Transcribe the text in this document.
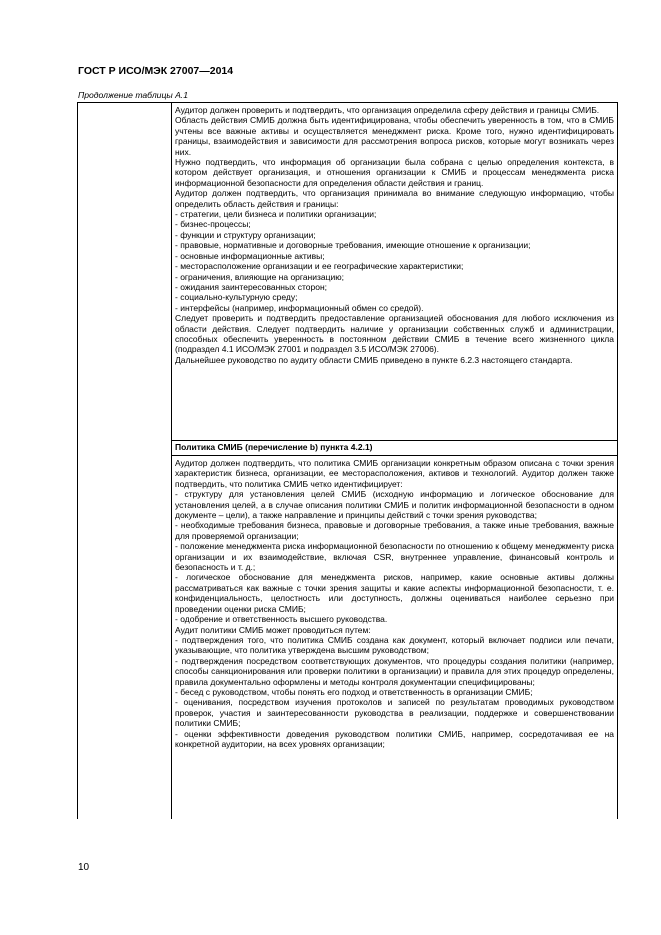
ГОСТ Р ИСО/МЭК 27007—2014
Продолжение таблицы А.1

Аудитор должен проверить и подтвердить, что организация определила сферу действия и границы СМИБ.

Область действия СМИБ должна быть идентифицирована, чтобы обеспечить уверенность в том, что в СМИБ учтены все важные активы и осуществляется менеджмент риска. Кроме того, нужно идентифицировать границы, взаимодействия и зависимости для рассмотрения вопроса рисков, которые могут возникать через них.

Нужно подтвердить, что информация об организации была собрана с целью определения контекста, в котором действует организация, и отношения организации к СМИБ и процессам менеджмента риска информационной безопасности для определения области действия и границ.

Аудитор должен подтвердить, что организация принимала во внимание следующую информацию, чтобы определить область действия и границы:

- стратегии, цели бизнеса и политики организации;

- бизнес-процессы;

- функции и структуру организации;

- правовые, нормативные и договорные требования, имеющие отношение к организации;

- основные информационные активы;

- месторасположение организации и ее географические характеристики;

- ограничения, влияющие на организацию;

- ожидания заинтересованных сторон;

- социально-культурную среду;

- интерфейсы (например, информационный обмен со средой).

Следует проверить и подтвердить предоставление организацией обоснования для любого исключения из области действия. Следует подтвердить наличие у организации собственных служб и администрации, способных обеспечить уверенность в постоянном действии СМИБ в течение всего жизненного цикла (подраздел 4.1 ИСО/МЭК 27001 и подраздел 3.5 ИСО/МЭК 27006).

Дальнейшее руководство по аудиту области СМИБ приведено в пункте 6.2.3 настоящего стандарта.

Политика СМИБ (перечисление b) пункта 4.2.1)

Аудитор должен подтвердить, что политика СМИБ организации конкретным образом описана с точки зрения характеристик бизнеса, организации, ее месторасположения, активов и технологий. Аудитор должен также подтвердить, что политика СМИБ четко идентифицирует:

- структуру для установления целей СМИБ (исходную информацию и логическое обоснование для установления целей, а в случае описания политики СМИБ и политик информационной безопасности в одном документе – цели), а также направление и принципы действий с точки зрения руководства;

- необходимые требования бизнеса, правовые и договорные требования, а также иные требования, важные для проверяемой организации;

- положение менеджмента риска информационной безопасности по отношению к общему менеджменту риска организации и их взаимодействие, включая CSR, внутреннее управление, финансовый контроль и безопасность и т. д.;

- логическое обоснование для менеджмента рисков, например, какие основные активы должны рассматриваться как важные с точки зрения защиты и какие аспекты информационной безопасности, т. е. конфиденциальность, целостность или доступность, должны оцениваться наиболее серьезно при проведении оценки риска СМИБ;

- одобрение и ответственность высшего руководства.

Аудит политики СМИБ может проводиться путем:

- подтверждения того, что политика СМИБ создана как документ, который включает подписи или печати, указывающие, что политика утверждена высшим руководством;

- подтверждения посредством соответствующих документов, что процедуры создания политики (например, способы санкционирования или проверки политики в организации) и правила для этих процедур определены, правила документально оформлены и методы контроля документации специфицированы;

- бесед с руководством, чтобы понять его подход и ответственность в организации СМИБ;

- оценивания, посредством изучения протоколов и записей по результатам проводимых руководством проверок, участия и заинтересованности руководства в реализации, поддержке и совершенствовании политики СМИБ;

- оценки эффективности доведения руководством политики СМИБ, например, сосредотачивая ее на конкретной аудитории, на всех уровнях организации;

10
